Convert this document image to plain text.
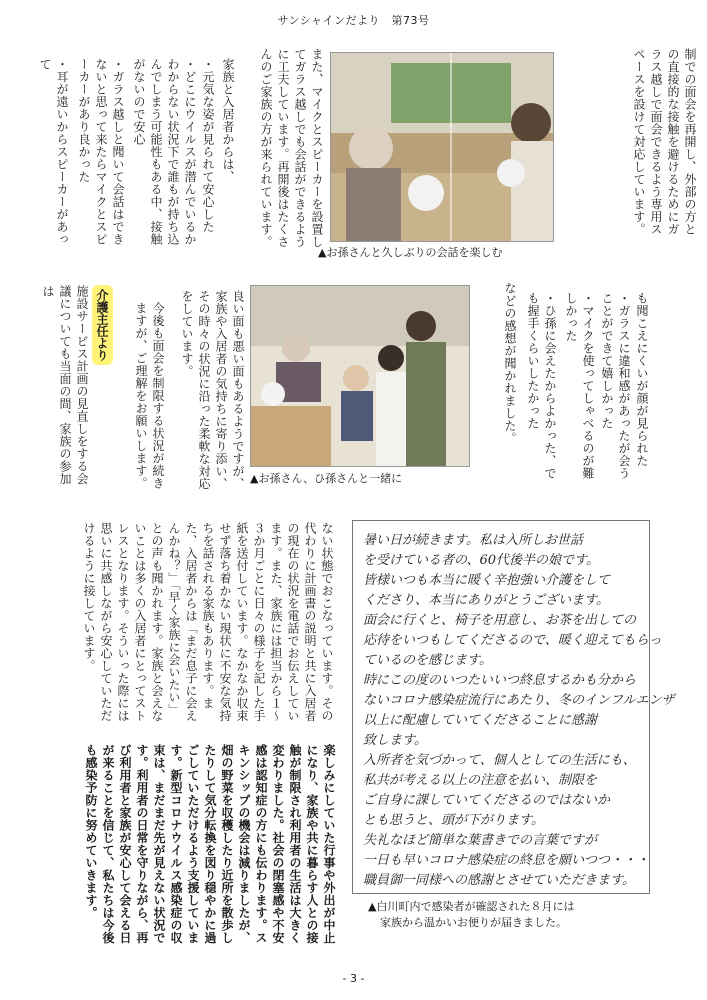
サンシャインだより　第73号
制での面会を再開し、外部の方との直接的な接触を避けるためにガラス越しで面会できるよう専用スペースを設けて対応しています。
▲お孫さんと久しぶりの会話を楽しむ
また、マイクとスピーカーを設置してガラス越しでも会話ができるように工夫しています。再開後はたくさんのご家族の方が来られています。
家族と入居者からは、
・元気な姿が見られて安心した
・どこにウイルスが潜んでいるかわからない状況下で誰もが持ち込んでしまう可能性もある中、接触がないので安心
・ガラス越しと聞いて会話はできないと思って来たらマイクとスピーカーがあり良かった
・耳が遠いからスピーカーがあって
も聞こえにくいが顔が見られた
・ガラスに違和感があったが会うことができて嬉しかった
・マイクを使ってしゃべるのが難しかった
・ひ孫に会えたからよかった、でも握手くらいしたかった
などの感想が聞かれました。
▲お孫さん、ひ孫さんと一緒に
良い面も悪い面もあるようですが、家族や入居者の気持ちに寄り添い、その時々の状況に沿った柔軟な対応をしています。
今後も面会を制限する状況が続きますが、ご理解をお願いします。
介護主任より
施設サービス計画の見直しをする会議についても当面の間、家族の参加は
ない状態でおこなっています。その代わりに計画書の説明と共に入居者の現在の状況を電話でお伝えしています。また、家族には担当から１～３か月ごとに日々の様子を記した手紙を送付しています。なかなか収束せず落ち着かない現状に不安な気持ちを話される家族もあります。また、入居者からは「まだ息子に会えんかね？」「早く家族に会いたい」との声も聞かれます。家族と会えないことは多くの入居者にとってストレスとなります。そういった際には思いに共感しながら安心していただけるように接しています。
楽しみにしていた行事や外出が中止になり、家族や共に暮らす人との接触が制限され利用者の生活は大きく変わりました。社会の閉塞感や不安感は認知症の方にも伝わります。スキンシップの機会は減りましたが、畑の野菜を収穫したり近所を散歩したりして気分転換を図り穏やかに過ごしていただけるよう支援しています。新型コロナウイルス感染症の収束は、まだまだ先が見えない状況です。利用者の日常を守りながら、再び利用者と家族が安心して会える日が来ることを信じて、私たちは今後も感染予防に努めていきます。
暑い日が続きます。私は入所しお世話
を受けている者の、60代後半の娘です。
皆様いつも本当に暖く辛抱強い介護をして
くださり、本当にありがとうございます。
面会に行くと、椅子を用意し、お茶を出しての
応待をいつもしてくださるので、暖く迎えてもらっ
ているのを感じます。
時にこの度のいつたいいつ終息するかも分から
ないコロナ感染症流行にあたり、冬のインフルエンザ
以上に配慮していてくださることに感謝
致します。
入所者を気づかって、個人としての生活にも、
私共が考える以上の注意を払い、制限を
ご自身に課していてくださるのではないか
とも思うと、頭が下がります。
失礼なほど簡単な葉書きでの言葉ですが
一日も早いコロナ感染症の終息を願いつつ・・・
職員御一同様への感謝とさせていただきます。
▲白川町内で感染者が確認された８月には
家族から温かいお便りが届きました。
- 3 -
